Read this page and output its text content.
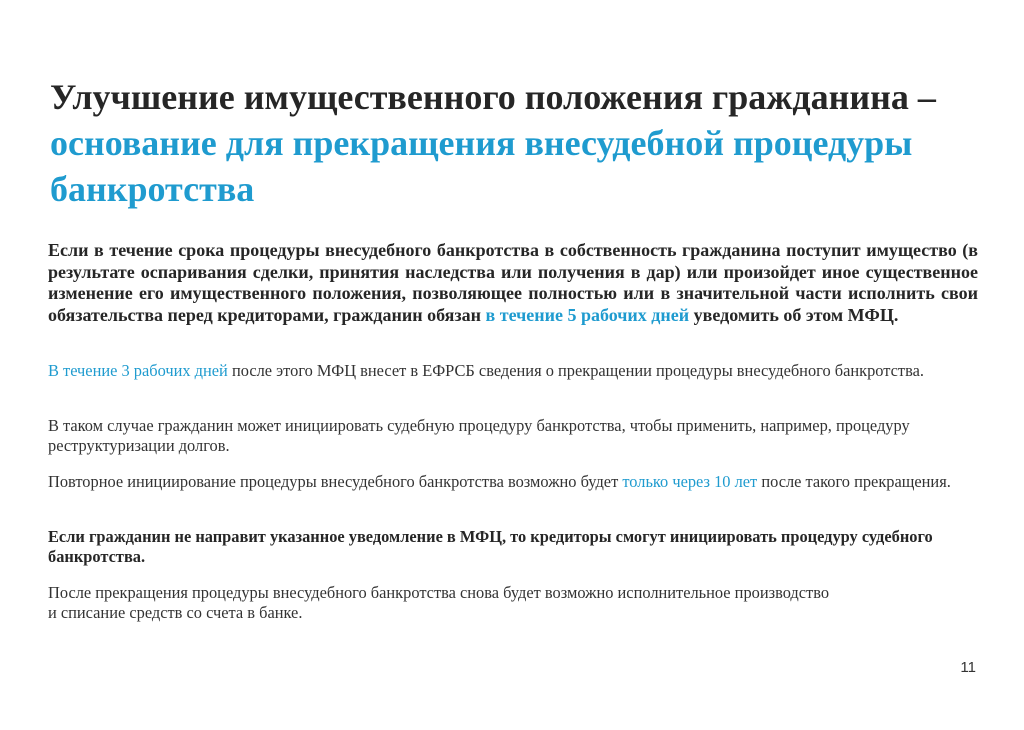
Улучшение имущественного положения гражданина – основание для прекращения внесудебной процедуры банкротства

Если в течение срока процедуры внесудебного банкротства в собственность гражданина поступит имущество (в результате оспаривания сделки, принятия наследства или получения в дар) или произойдет иное существенное изменение его имущественного положения, позволяющее полностью или в значительной части исполнить свои обязательства перед кредиторами, гражданин обязан в течение 5 рабочих дней уведомить об этом МФЦ.

В течение 3 рабочих дней после этого МФЦ внесет в ЕФРСБ сведения о прекращении процедуры внесудебного банкротства.

В таком случае гражданин может инициировать судебную процедуру банкротства, чтобы применить, например, процедуру реструктуризации долгов.

Повторное инициирование процедуры внесудебного банкротства возможно будет только через 10 лет после такого прекращения.

Если гражданин не направит указанное уведомление в МФЦ, то кредиторы смогут инициировать процедуру судебного банкротства.

После прекращения процедуры внесудебного банкротства снова будет возможно исполнительное производство
и списание средств со счета в банке.

11
